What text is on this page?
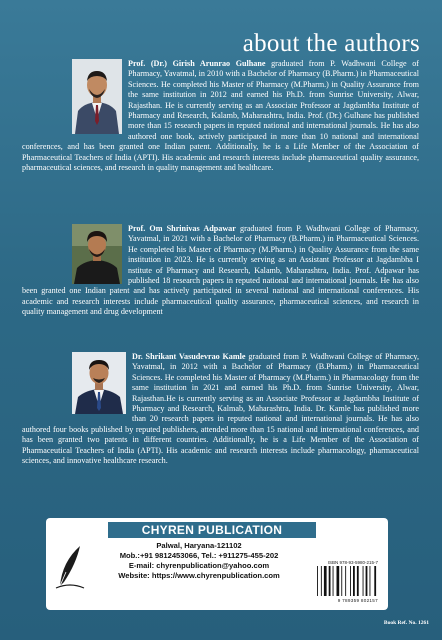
about the authors
Prof. (Dr.) Girish Arunrao Gulhane graduated from P. Wadhwani College of Pharmacy, Yavatmal, in 2010 with a Bachelor of Pharmacy (B.Pharm.) in Pharmaceutical Sciences. He completed his Master of Pharmacy (M.Pharm.) in Quality Assurance from the same institution in 2012 and earned his Ph.D. from Sunrise University, Alwar, Rajasthan. He is currently serving as an Associate Professor at Jagdambha Institute of Pharmacy and Research, Kalamb, Maharashtra, India. Prof. (Dr.) Gulhane has published more than 15 research papers in reputed national and international journals. He has also authored one book, actively participated in more than 10 national and international conferences, and has been granted one Indian patent. Additionally, he is a Life Member of the Association of Pharmaceutical Teachers of India (APTI). His academic and research interests include pharmaceutical quality assurance, pharmaceutical sciences, and research in quality management and healthcare.
Prof. Om Shrinivas Adpawar graduated from P. Wadhwani College of Pharmacy, Yavatmal, in 2021 with a Bachelor of Pharmacy (B.Pharm.) in Pharmaceutical Sciences. He completed his Master of Pharmacy (M.Pharm.) in Quality Assurance from the same institution in 2023. He is currently serving as an Assistant Professor at Jagdambha I nstitute of Pharmacy and Research, Kalamb, Maharashtra, India. Prof. Adpawar has published 18 research papers in reputed national and international journals. He has also been granted one Indian patent and has actively participated in several national and international conferences. His academic and research interests include pharmaceutical quality assurance, pharmaceutical sciences, and research in quality management and drug development
Dr. Shrikant Vasudevrao Kamle graduated from P. Wadhwani College of Pharmacy, Yavatmal, in 2012 with a Bachelor of Pharmacy (B.Pharm.) in Pharmaceutical Sciences. He completed his Master of Pharmacy (M.Pharm.) in Pharmacology from the same institution in 2021 and earned his Ph.D. from Sunrise University, Alwar, Rajasthan.He is currently serving as an Associate Professor at Jagdambha Institute of Pharmacy and Research, Kalmab, Maharashtra, India. Dr. Kamle has published more than 20 research papers in reputed national and international journals. He has also authored four books published by reputed publishers, attended more than 15 national and international conferences, and has been granted two patents in different countries. Additionally, he is a Life Member of the Association of Pharmaceutical Teachers of India (APTI). His academic and research interests include pharmacology, pharmaceutical sciences, and innovative healthcare research.
CHYREN PUBLICATION
Palwal, Haryana-121102
Mob.:+91 9812453066, Tel.: +911275-455-202
E-mail: chyrenpublication@yahoo.com
Website: https://www.chyrenpublication.com
ISBN 978-93-5980-215-7
9 789359 802157
Book Ref. No. 1261
